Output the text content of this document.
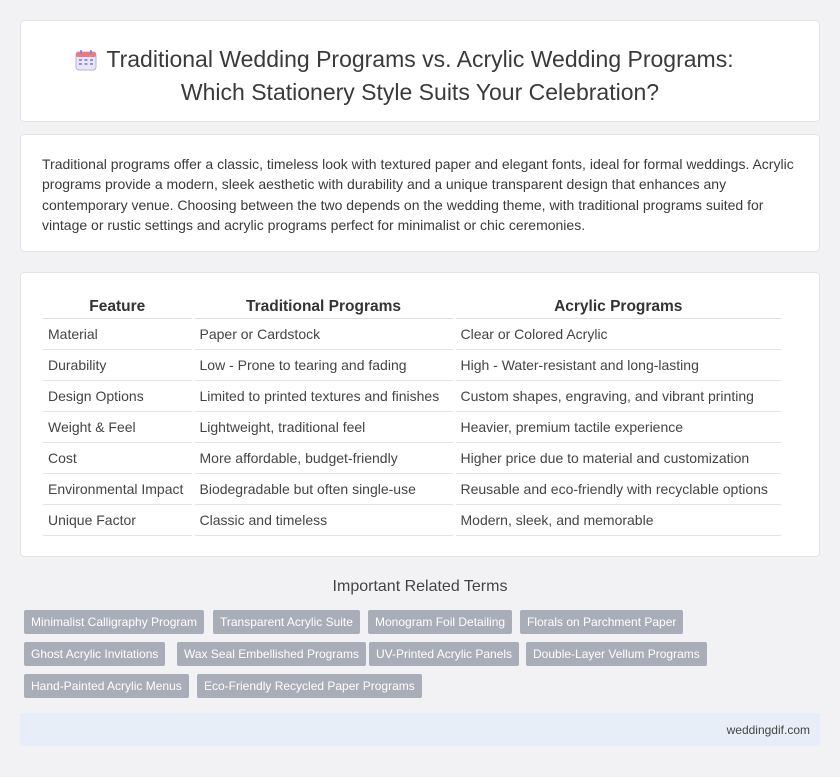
Traditional Wedding Programs vs. Acrylic Wedding Programs:
Which Stationery Style Suits Your Celebration?

Traditional programs offer a classic, timeless look with textured paper and elegant fonts, ideal for formal weddings. Acrylic programs provide a modern, sleek aesthetic with durability and a unique transparent design that enhances any contemporary venue. Choosing between the two depends on the wedding theme, with traditional programs suited for vintage or rustic settings and acrylic programs perfect for minimalist or chic ceremonies.

Feature	Traditional Programs	Acrylic Programs
Material	Paper or Cardstock	Clear or Colored Acrylic
Durability	Low - Prone to tearing and fading	High - Water-resistant and long-lasting
Design Options	Limited to printed textures and finishes	Custom shapes, engraving, and vibrant printing
Weight & Feel	Lightweight, traditional feel	Heavier, premium tactile experience
Cost	More affordable, budget-friendly	Higher price due to material and customization
Environmental Impact	Biodegradable but often single-use	Reusable and eco-friendly with recyclable options
Unique Factor	Classic and timeless	Modern, sleek, and memorable
Important Related Terms
Minimalist Calligraphy Program	Transparent Acrylic Suite	Monogram Foil Detailing	Florals on Parchment Paper
Ghost Acrylic Invitations	Wax Seal Embellished Programs	UV-Printed Acrylic Panels	Double-Layer Vellum Programs
Hand-Painted Acrylic Menus	Eco-Friendly Recycled Paper Programs
weddingdif.com
